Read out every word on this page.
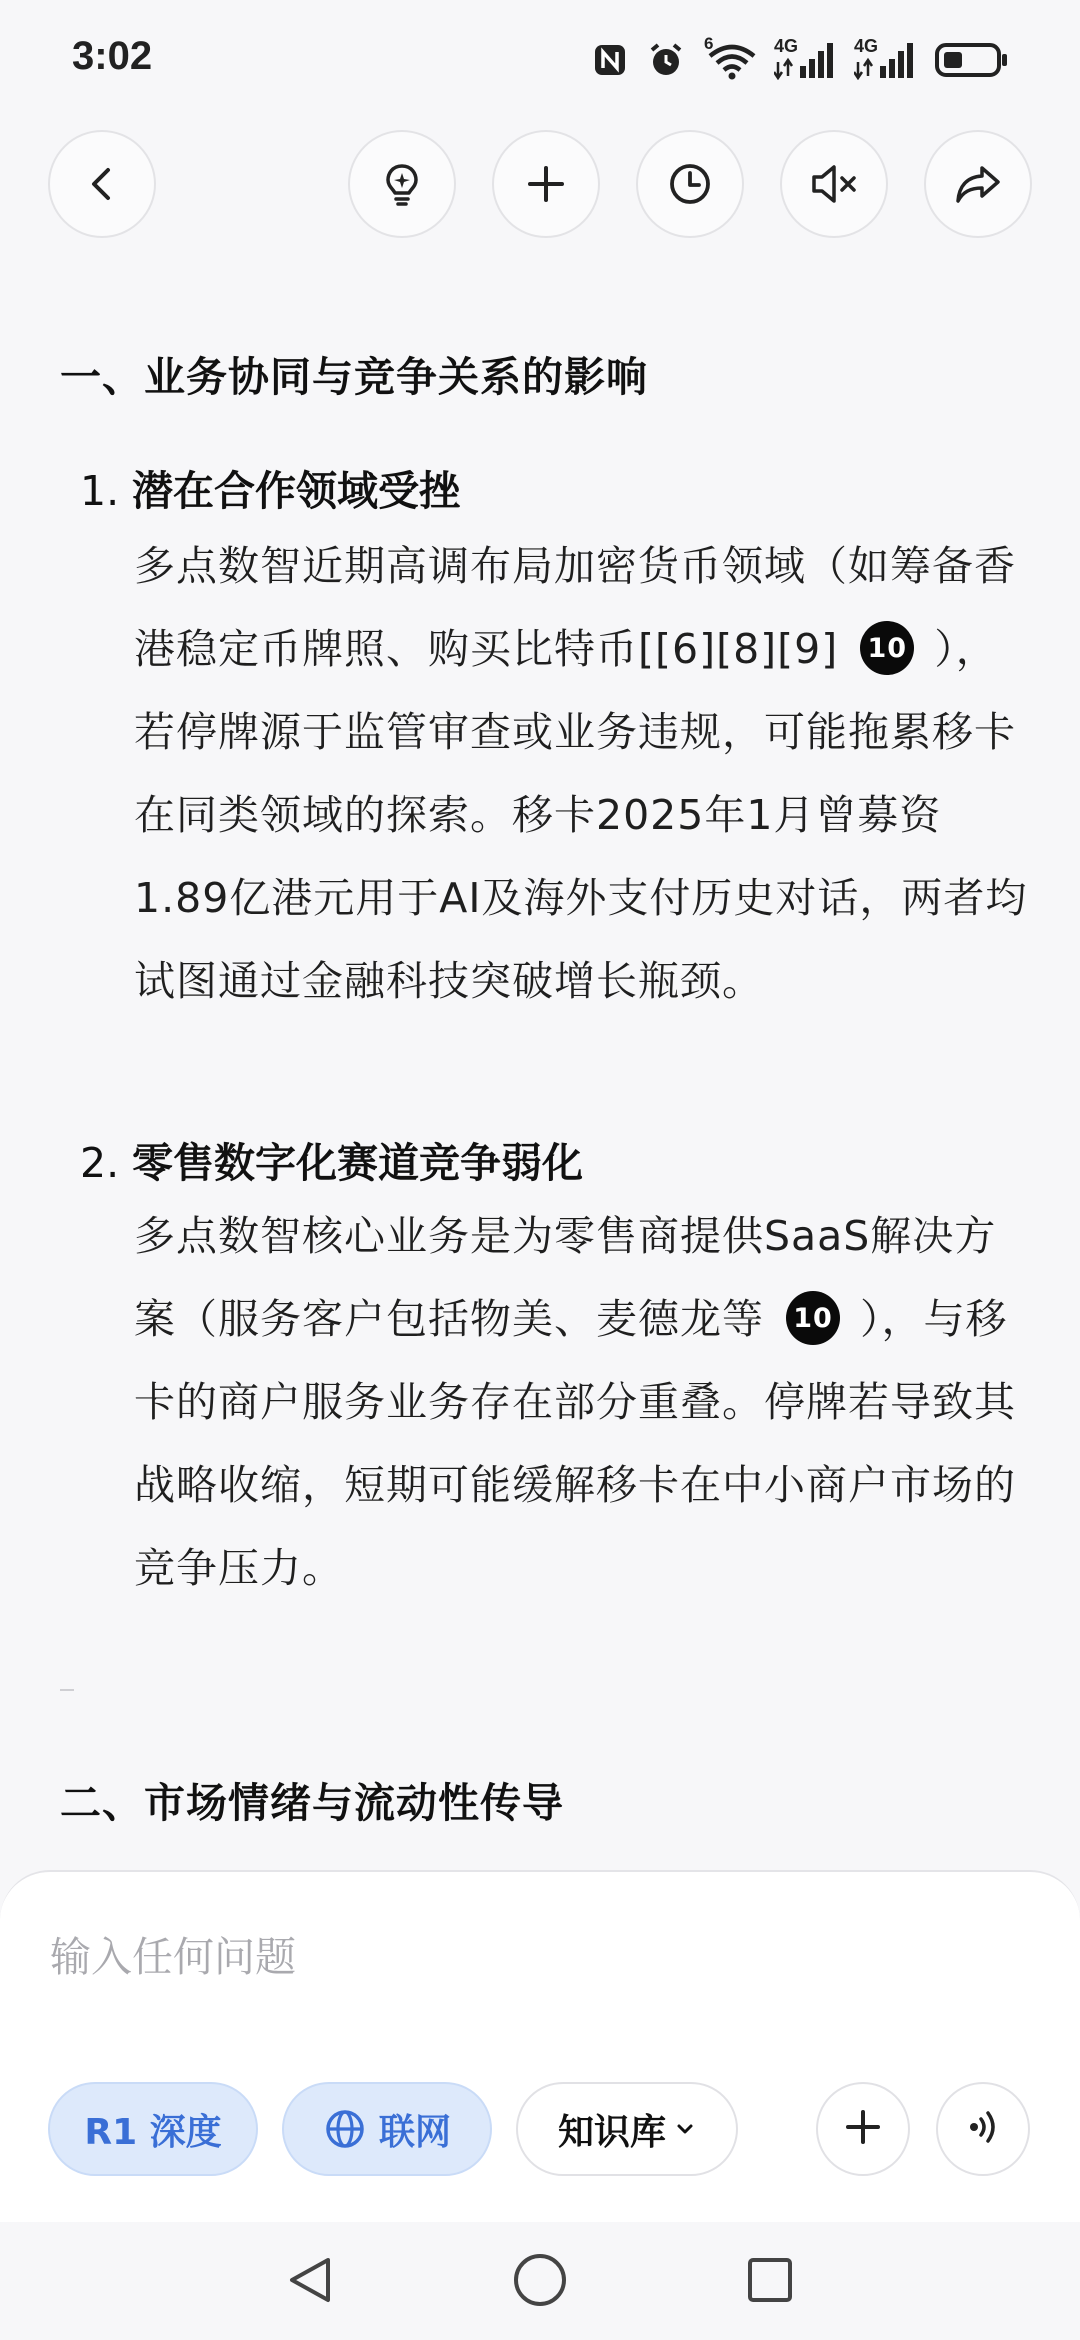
3:02	6	4G	4G
一、业务协同与竞争关系的影响
1. 潜在合作领域受挫
多点数智近期高调布局加密货币领域（如筹备香港稳定币牌照、购买比特币[[6][8][9] 10 ），若停牌源于监管审查或业务违规，可能拖累移卡在同类领域的探索。移卡2025年1月曾募资1.89亿港元用于AI及海外支付历史对话，两者均试图通过金融科技突破增长瓶颈。
2. 零售数字化赛道竞争弱化
多点数智核心业务是为零售商提供SaaS解决方案（服务客户包括物美、麦德龙等 10 ），与移卡的商户服务业务存在部分重叠。停牌若导致其战略收缩，短期可能缓解移卡在中小商户市场的竞争压力。
二、市场情绪与流动性传导
输入任何问题
R1 深度	联网	知识库
